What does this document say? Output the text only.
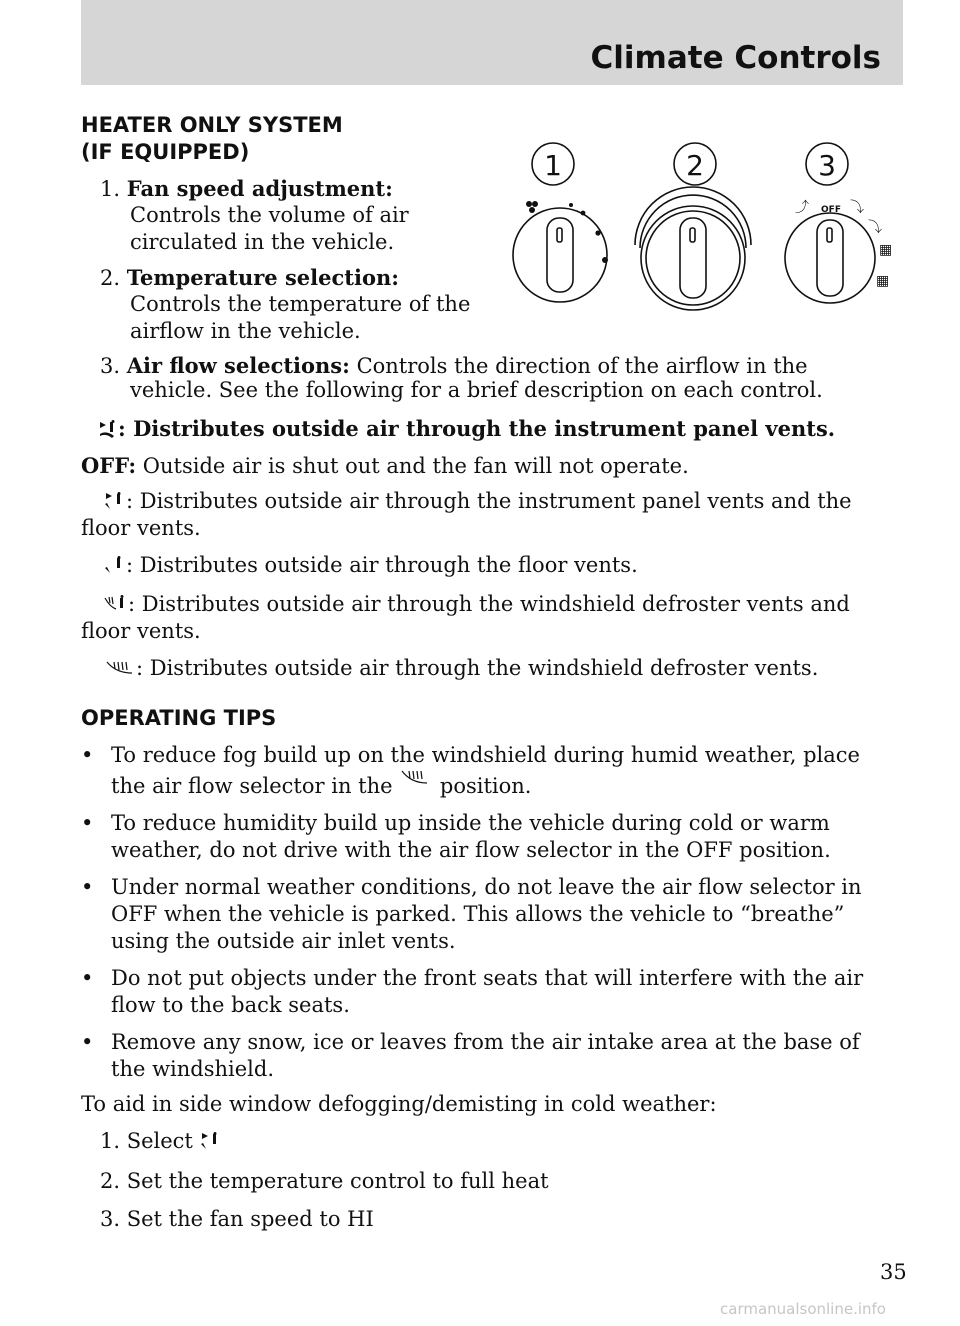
Climate Controls
HEATER ONLY SYSTEM
(IF EQUIPPED)
1. Fan speed adjustment:
Controls the volume of air
circulated in the vehicle.
2. Temperature selection:
Controls the temperature of the
airflow in the vehicle.
3. Air flow selections: Controls the direction of the airflow in the
vehicle. See the following for a brief description on each control.
1	2	3
OFF
⤴	⤵
⤵
▦
▦
: Distributes outside air through the instrument panel vents.
OFF: Outside air is shut out and the fan will not operate.
: Distributes outside air through the instrument panel vents and the
floor vents.
: Distributes outside air through the floor vents.
: Distributes outside air through the windshield defroster vents and
floor vents.
: Distributes outside air through the windshield defroster vents.
OPERATING TIPS
• To reduce fog build up on the windshield during humid weather, place
the air flow selector in the position.
• To reduce humidity build up inside the vehicle during cold or warm
weather, do not drive with the air flow selector in the OFF position.
• Under normal weather conditions, do not leave the air flow selector in
OFF when the vehicle is parked. This allows the vehicle to “breathe”
using the outside air inlet vents.
• Do not put objects under the front seats that will interfere with the air
flow to the back seats.
• Remove any snow, ice or leaves from the air intake area at the base of
the windshield.
To aid in side window defogging/demisting in cold weather:
1. Select
2. Set the temperature control to full heat
3. Set the fan speed to HI
35
carmanualsonline.info
